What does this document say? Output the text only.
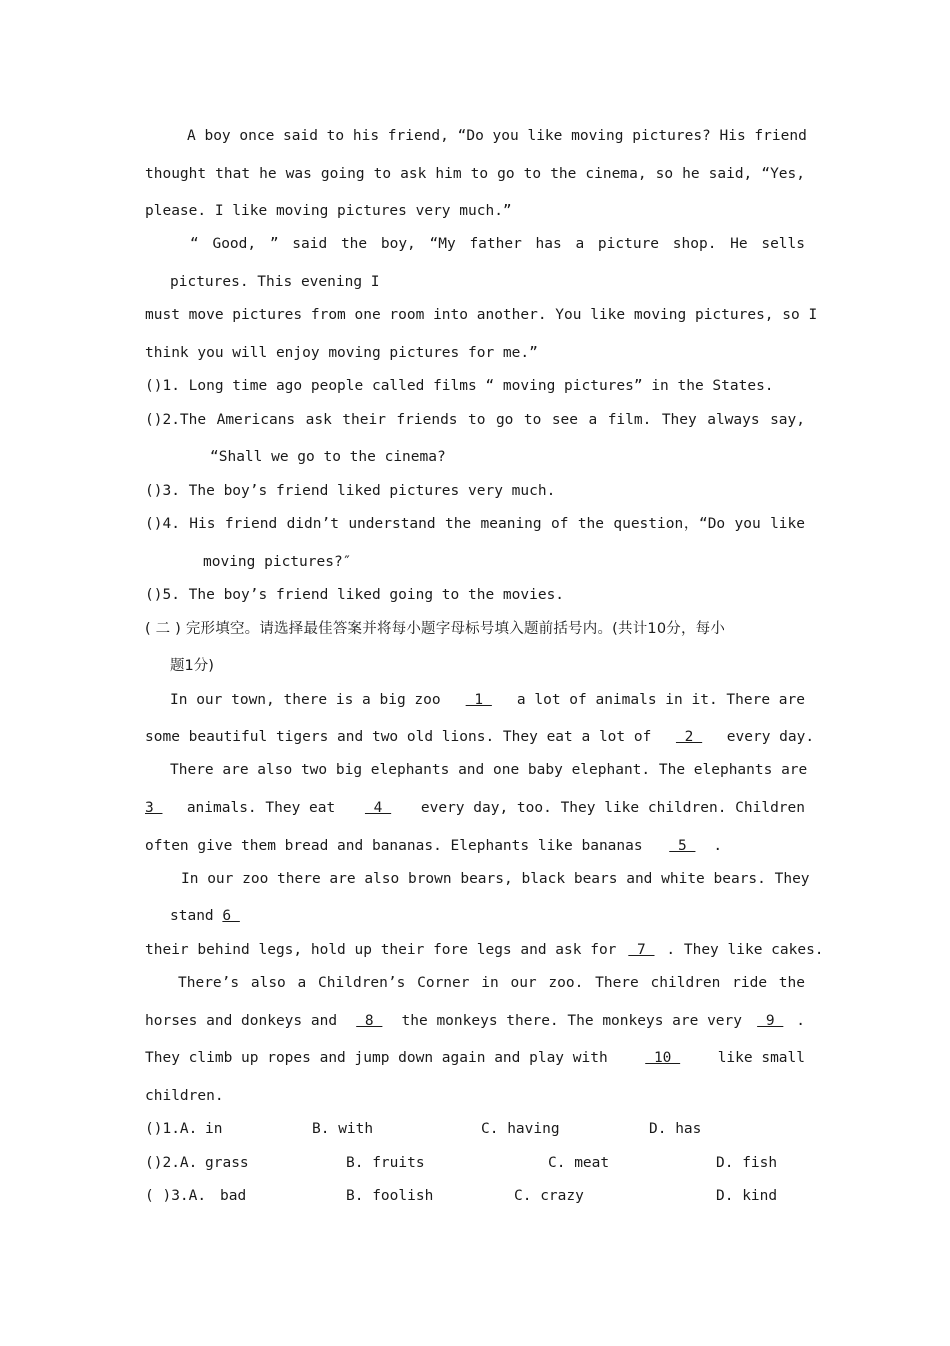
A boy once said to his friend, “Do you like moving pictures? His friend
thought that he was going to ask him to go to the cinema, so he said, “Yes,
please. I like moving pictures very much.”
“ Good, ” said the boy, “My father has a picture shop. He sells
pictures. This evening I
must move pictures from one room into another. You like moving pictures, so I
think you will enjoy moving pictures for me.”
()1. Long time ago people called films “ moving pictures” in the States.
()2.The Americans ask their friends to go to see a film. They always say,
“Shall we go to the cinema?
()3. The boy’s friend liked pictures very much.
()4. His friend didn’t understand the meaning of the question，“Do you like
moving pictures?″
()5. The boy’s friend liked going to the movies.
( 二 ) 完形填空。请选择最佳答案并将每小题字母标号填入题前括号内。(共计10分，每小
题1分)
In our town, there is a big zoo	1	a lot of animals in it. There are
some beautiful tigers and two old lions. They eat a lot of  2  every day.
There are also two big elephants and one baby elephant. The elephants are
3	animals. They eat	4	every day, too. They like children. Children
often give them bread and bananas. Elephants like bananas  5 .
In our zoo there are also brown bears, black bears and white bears. They
stand 6
their behind legs, hold up their fore legs and ask for 7 . They like cakes.
There’s also a Children’s Corner in our zoo. There children ride the
horses and donkeys and	8	the monkeys there. The monkeys are very	9 .
They climb up ropes and jump down again and play with	10	like small
children.
()1.A. in	B. with	C. having	D. has
()2.A. grass	B. fruits	C. meat	D. fish
( )3.A. bad	B. foolish	C. crazy	D. kind
